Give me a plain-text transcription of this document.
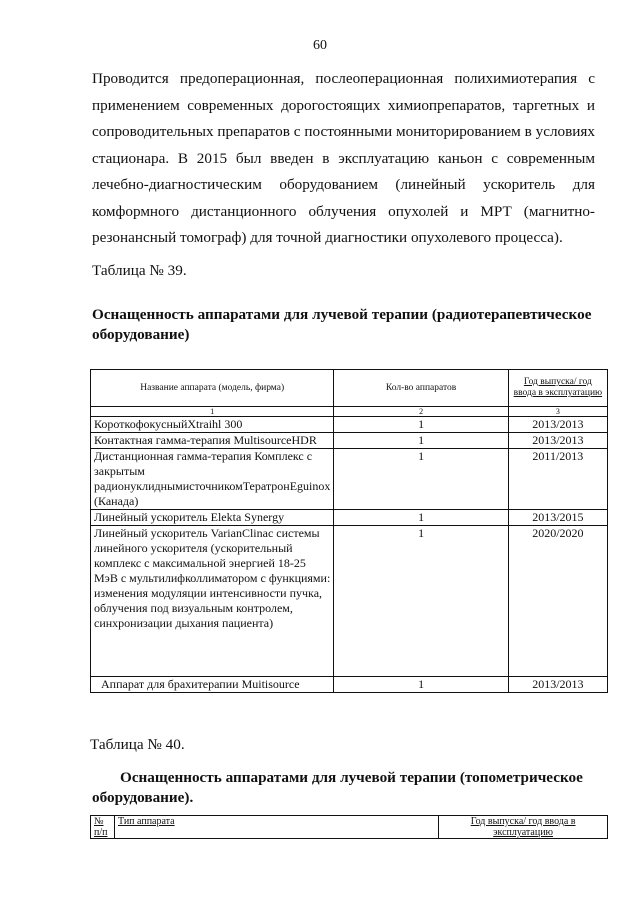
60
Проводится предоперационная, послеоперационная полихимиотерапия с применением современных дорогостоящих химиопрепаратов, таргетных и сопроводительных препаратов с постоянными мониторированием в условиях стационара. В 2015 был введен в эксплуатацию каньон с современным лечебно-диагностическим оборудованием (линейный ускоритель для комформного дистанционного облучения опухолей и МРТ (магнитно-резонансный томограф) для точной диагностики опухолевого процесса).
Таблица № 39.
Оснащенность аппаратами для лучевой терапии (радиотерапевтическое оборудование)
Название аппарата (модель, фирма)	Кол-во аппаратов	Год выпуска/ год ввода в эксплуатацию
1	2	3
КороткофокусныйXtraihl 300	1	2013/2013
Контактная гамма-терапия MultisourceHDR	1	2013/2013
Дистанционная гамма-терапия Комплекс с закрытым радионуклиднымисточникомТератронEguinox (Канада)	1	2011/2013
Линейный ускоритель Elekta Synergy	1	2013/2015
Линейный ускоритель VarianClinac системы линейного ускорителя (ускорительный комплекс с максимальной энергией 18-25 МэВ с мультилифколлиматором с функциями: изменения модуляции интенсивности пучка, облучения под визуальным контролем, синхронизации дыхания пациента)	1	2020/2020
Аппарат для брахитерапии Muitisource	1	2013/2013
Таблица № 40.
Оснащенность аппаратами для лучевой терапии (топометрическое оборудование).
№ п/п	Тип аппарата	Год выпуска/ год ввода в эксплуатацию
